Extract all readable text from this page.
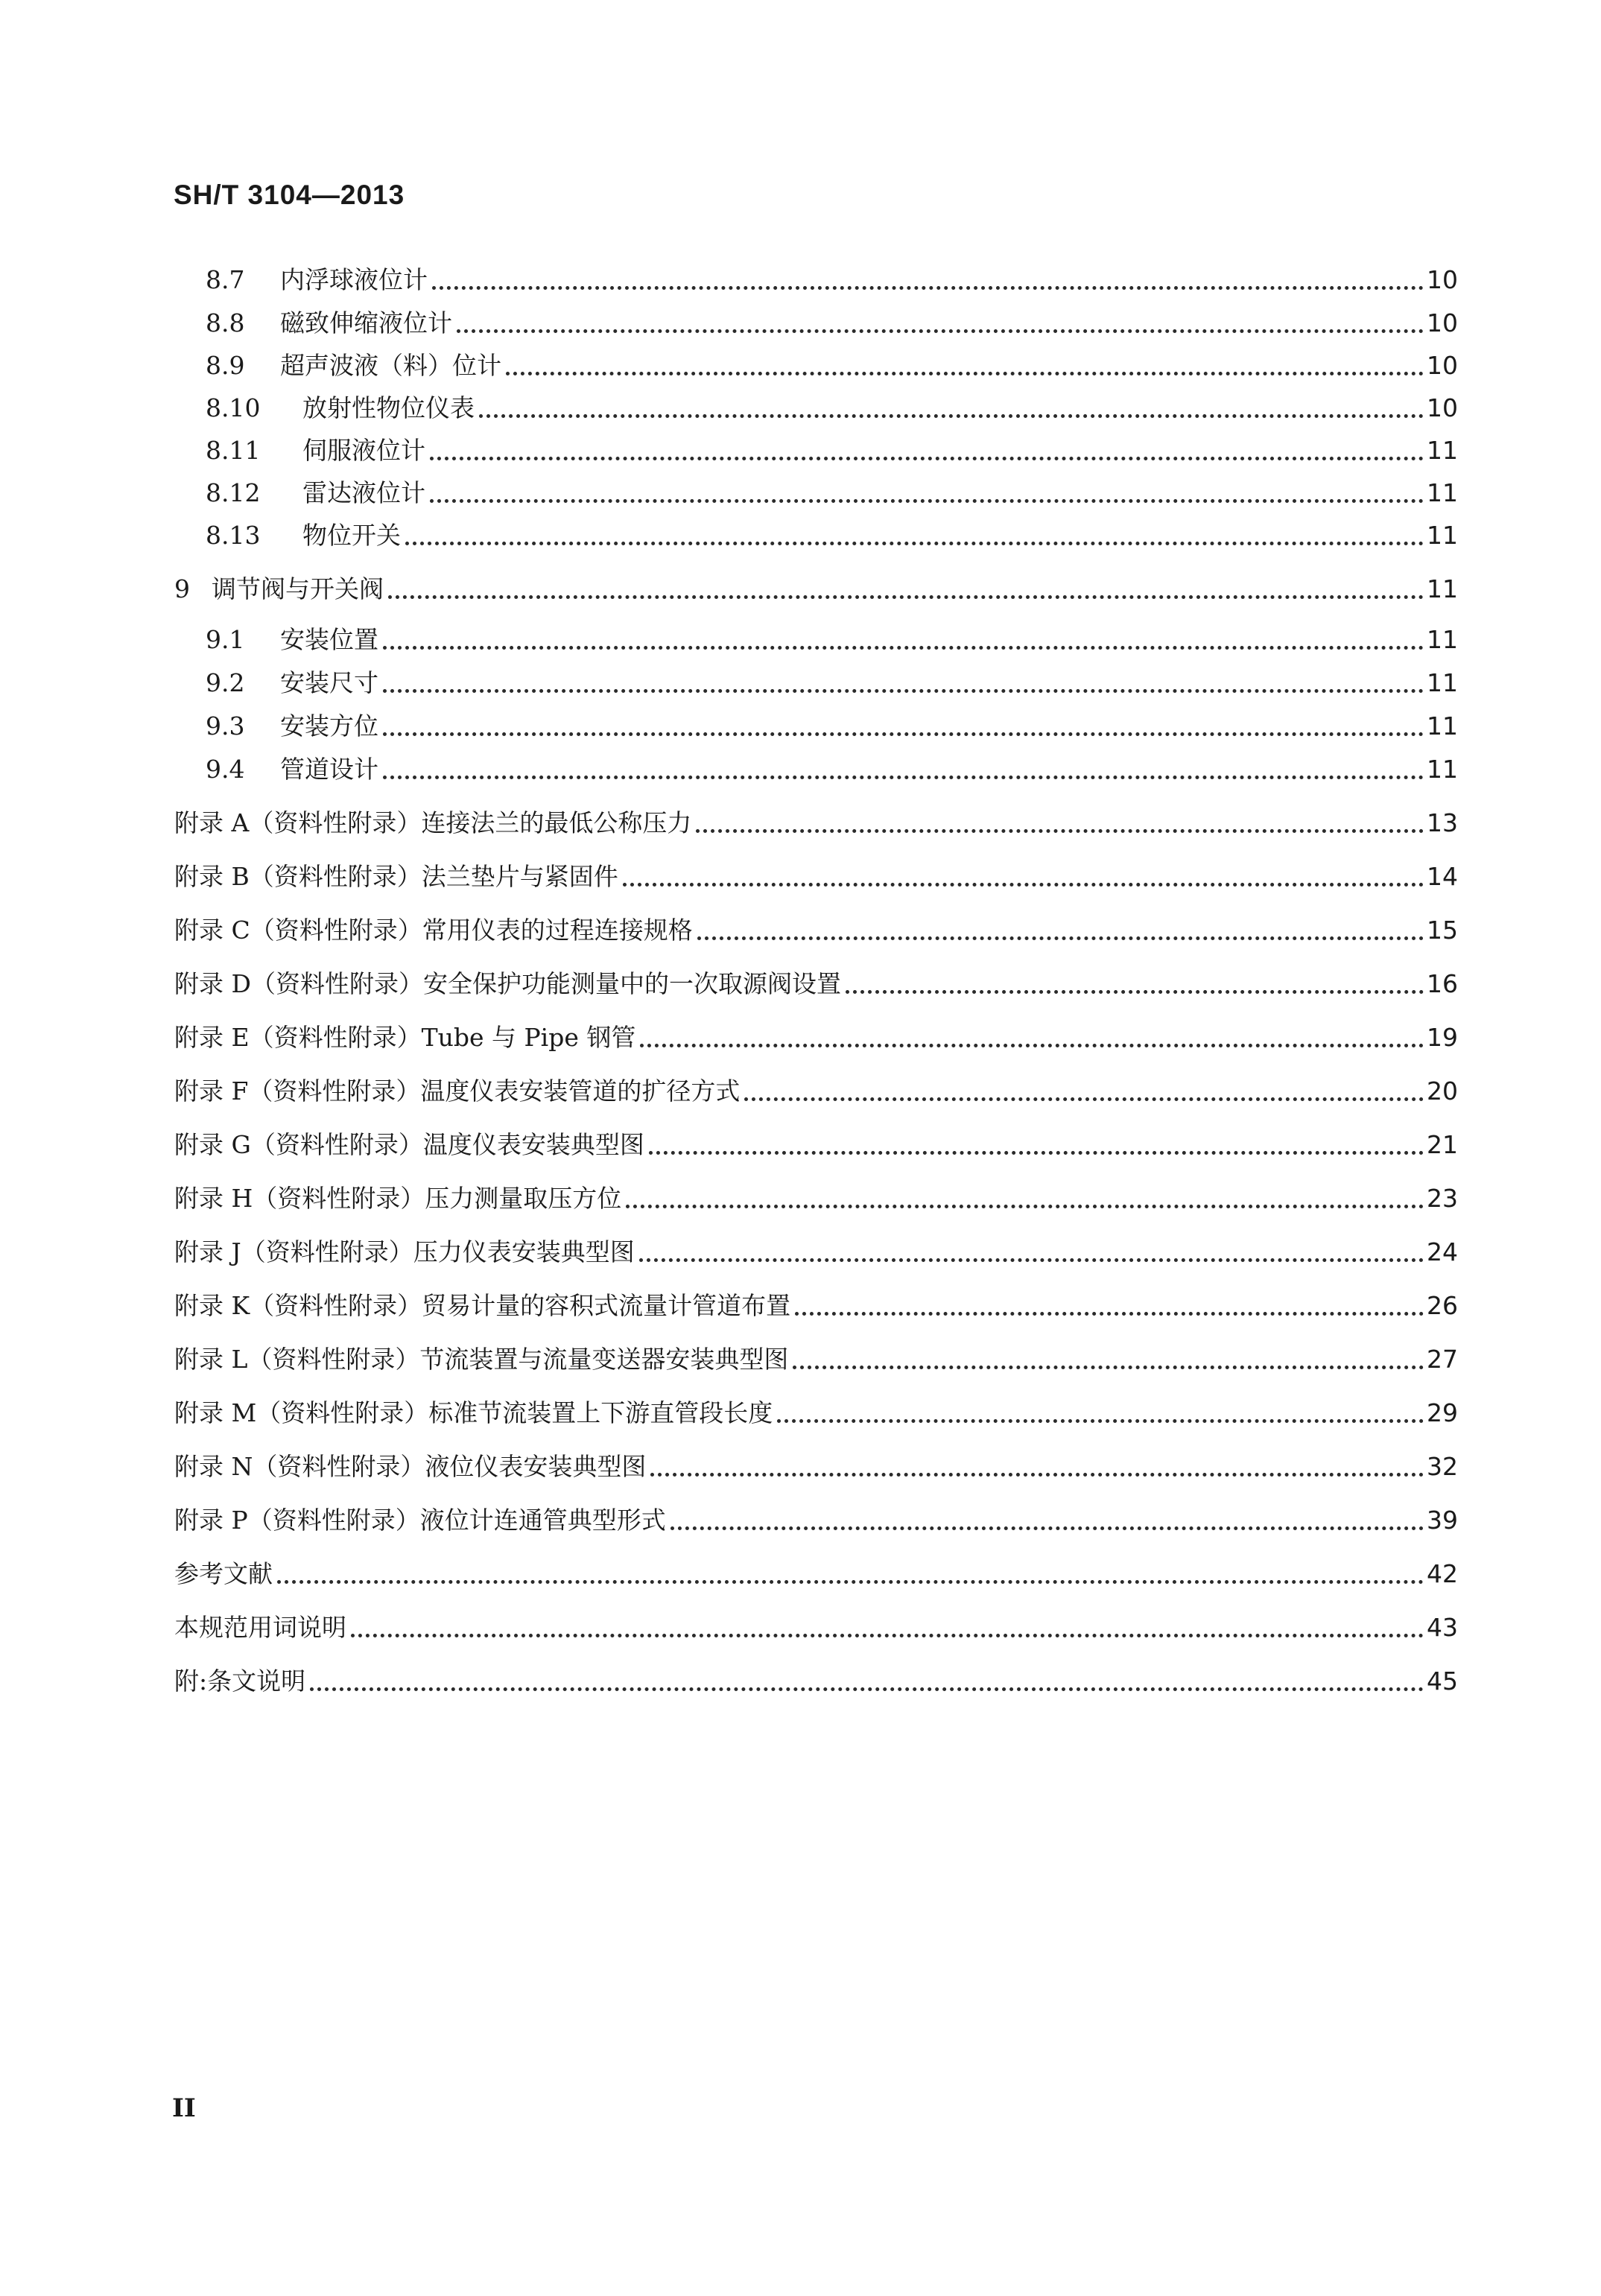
SH/T 3104—2013
8.7	内浮球液位计	10
8.8	磁致伸缩液位计	10
8.9	超声波液（料）位计	10
8.10	放射性物位仪表	10
8.11	伺服液位计	11
8.12	雷达液位计	11
8.13	物位开关	11
9 调节阀与开关阀	11
9.1	安装位置	11
9.2	安装尺寸	11
9.3	安装方位	11
9.4	管道设计	11
附录 A（资料性附录）连接法兰的最低公称压力	13
附录 B（资料性附录）法兰垫片与紧固件	14
附录 C（资料性附录）常用仪表的过程连接规格	15
附录 D（资料性附录）安全保护功能测量中的一次取源阀设置	16
附录 E（资料性附录）Tube 与 Pipe 钢管	19
附录 F（资料性附录）温度仪表安装管道的扩径方式	20
附录 G（资料性附录）温度仪表安装典型图	21
附录 H（资料性附录）压力测量取压方位	23
附录 J（资料性附录）压力仪表安装典型图	24
附录 K（资料性附录）贸易计量的容积式流量计管道布置	26
附录 L（资料性附录）节流装置与流量变送器安装典型图	27
附录 M（资料性附录）标准节流装置上下游直管段长度	29
附录 N（资料性附录）液位仪表安装典型图	32
附录 P（资料性附录）液位计连通管典型形式	39
参考文献	42
本规范用词说明	43
附:条文说明	45
II
